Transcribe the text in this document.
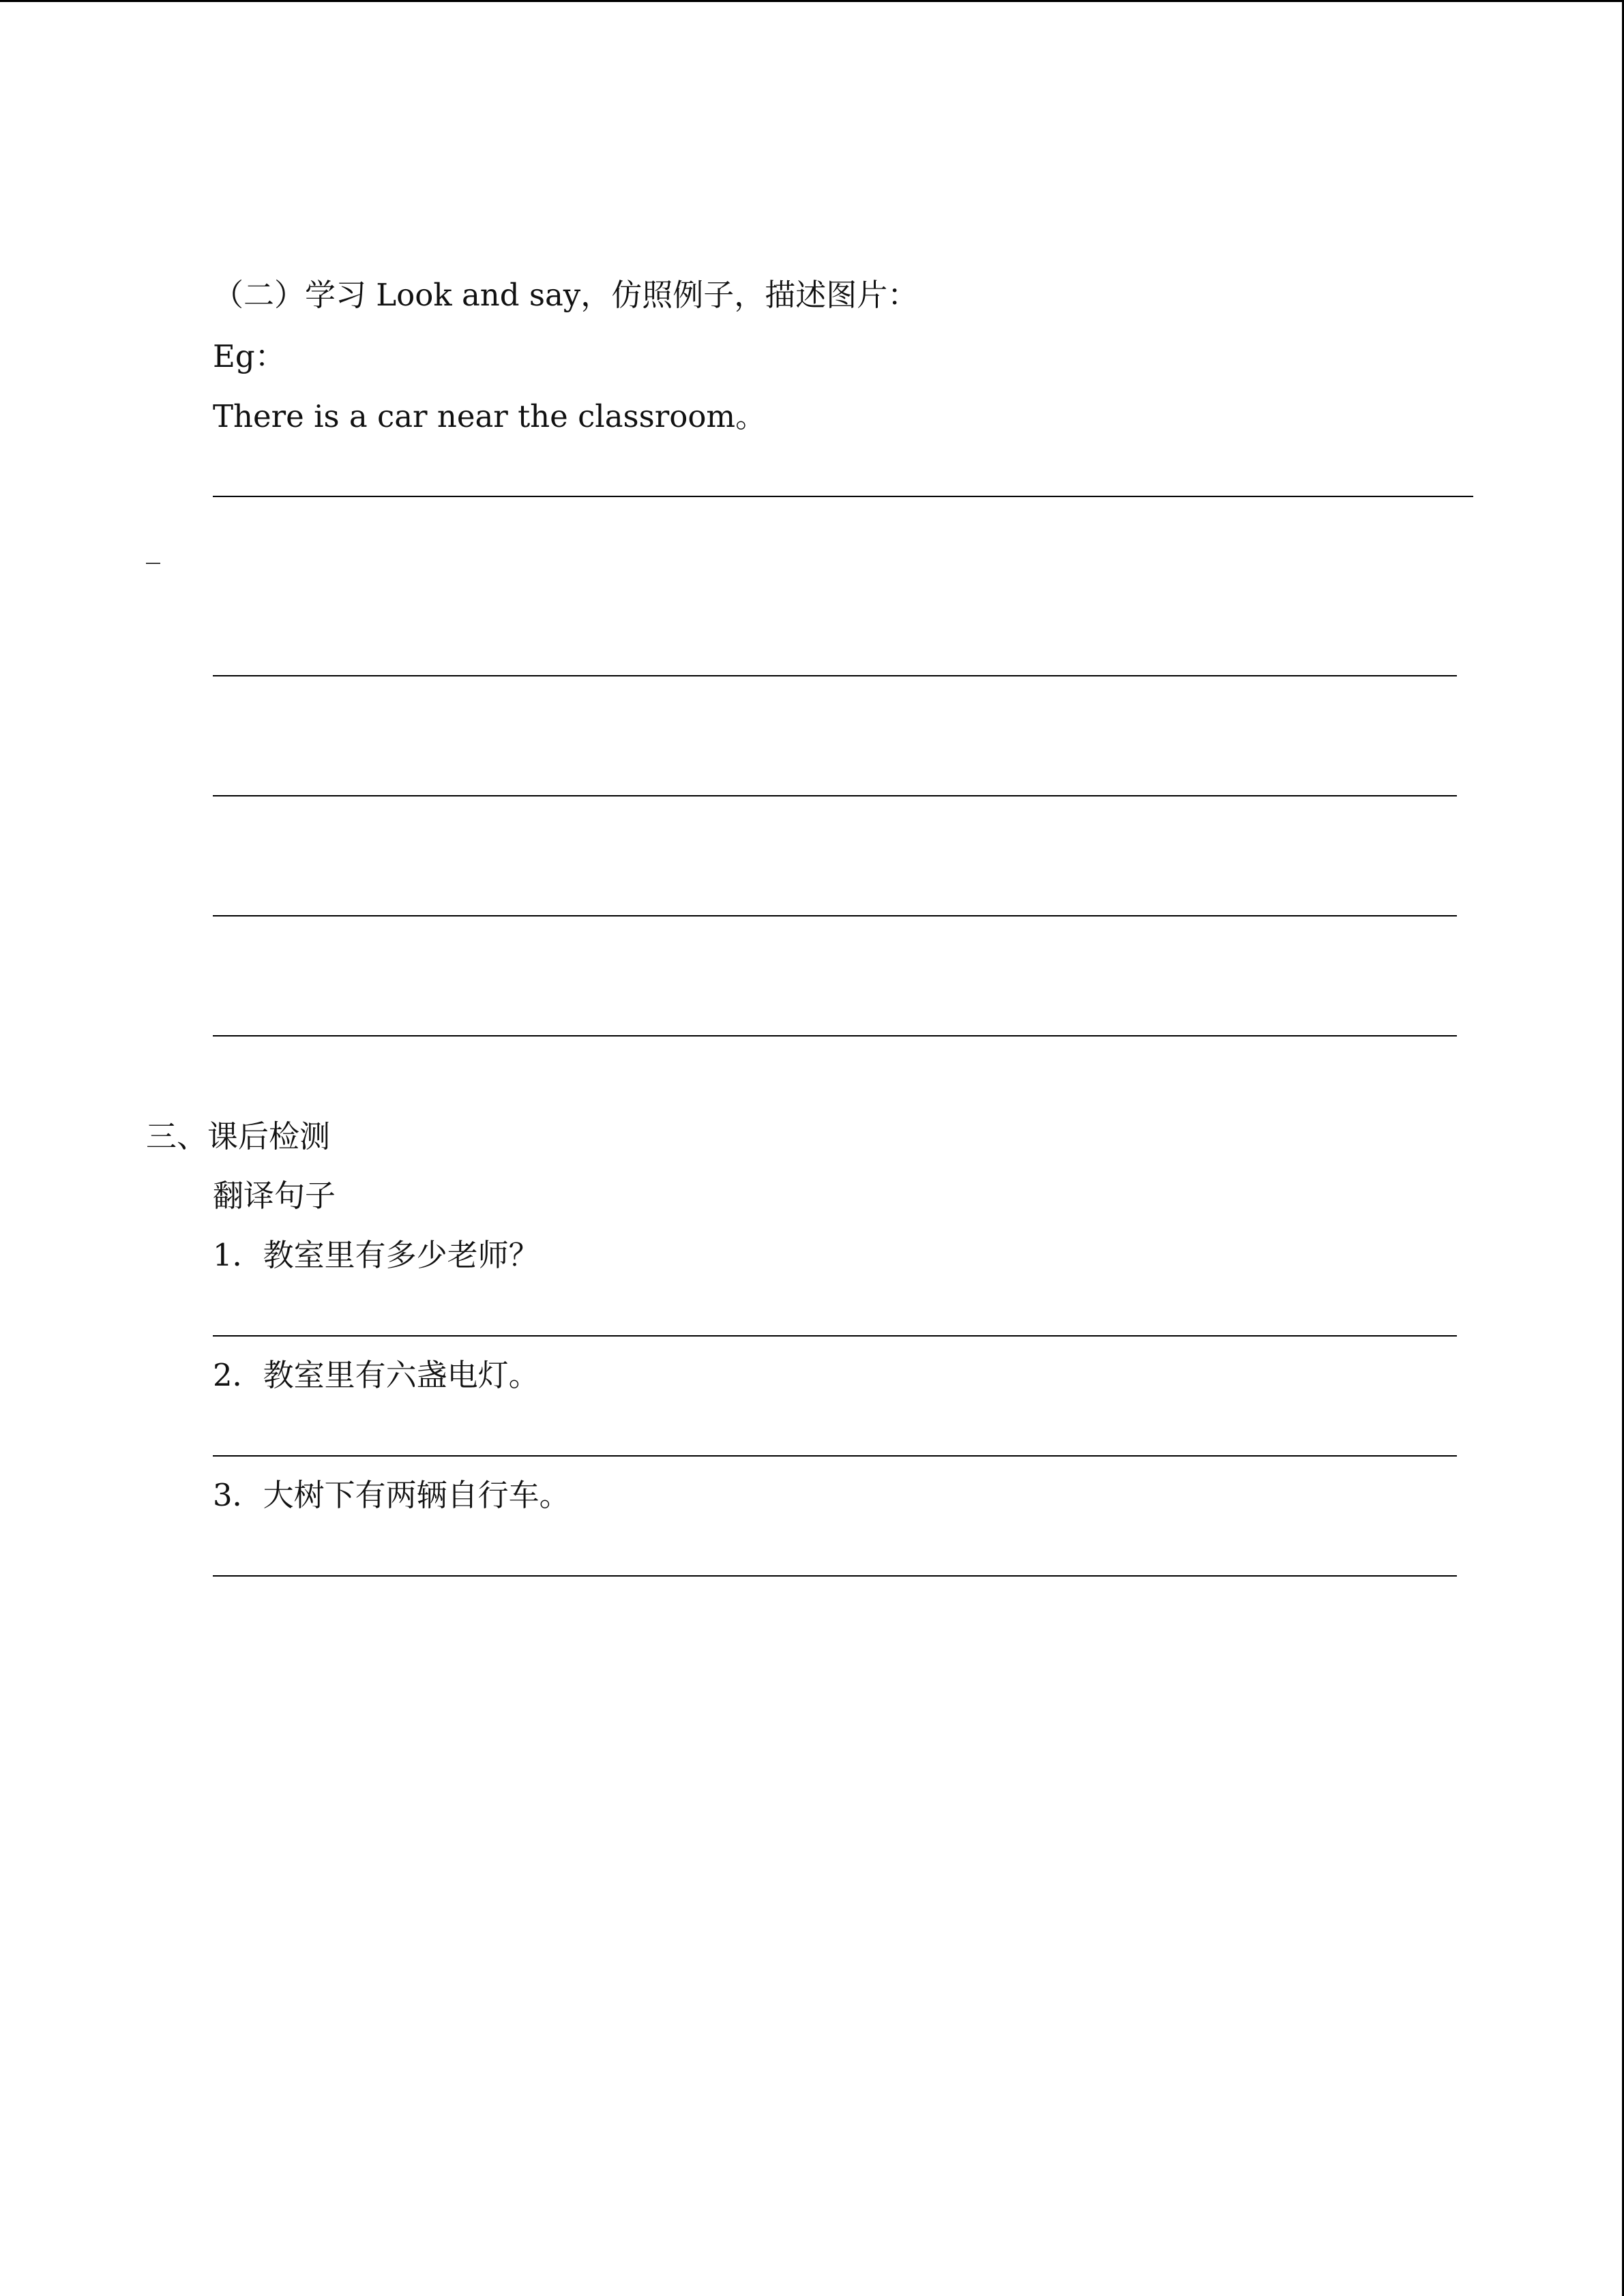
（二）学习 Look and say，仿照例子，描述图片：
Eg：
There is a car near the classroom。
_
三、课后检测
翻译句子
1．教室里有多少老师？
2．教室里有六盏电灯。
3．大树下有两辆自行车。
